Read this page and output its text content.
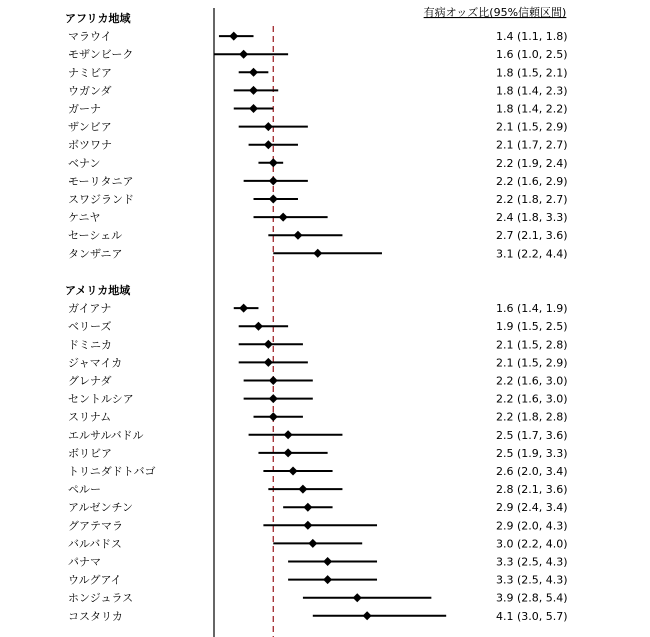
有病オッズ比(95%信頼区間)
アフリカ地域
マラウイ	1.4 (1.1, 1.8)
モザンビーク	1.6 (1.0, 2.5)
ナミビア	1.8 (1.5, 2.1)
ウガンダ	1.8 (1.4, 2.3)
ガーナ	1.8 (1.4, 2.2)
ザンビア	2.1 (1.5, 2.9)
ボツワナ	2.1 (1.7, 2.7)
ベナン	2.2 (1.9, 2.4)
モーリタニア	2.2 (1.6, 2.9)
スワジランド	2.2 (1.8, 2.7)
ケニヤ	2.4 (1.8, 3.3)
セーシェル	2.7 (2.1, 3.6)
タンザニア	3.1 (2.2, 4.4)
アメリカ地域
ガイアナ	1.6 (1.4, 1.9)
ベリーズ	1.9 (1.5, 2.5)
ドミニカ	2.1 (1.5, 2.8)
ジャマイカ	2.1 (1.5, 2.9)
グレナダ	2.2 (1.6, 3.0)
セントルシア	2.2 (1.6, 3.0)
スリナム	2.2 (1.8, 2.8)
エルサルバドル	2.5 (1.7, 3.6)
ボリビア	2.5 (1.9, 3.3)
トリニダドトバゴ	2.6 (2.0, 3.4)
ペルー	2.8 (2.1, 3.6)
アルゼンチン	2.9 (2.4, 3.4)
グアテマラ	2.9 (2.0, 4.3)
バルバドス	3.0 (2.2, 4.0)
パナマ	3.3 (2.5, 4.3)
ウルグアイ	3.3 (2.5, 4.3)
ホンジュラス	3.9 (2.8, 5.4)
コスタリカ	4.1 (3.0, 5.7)
